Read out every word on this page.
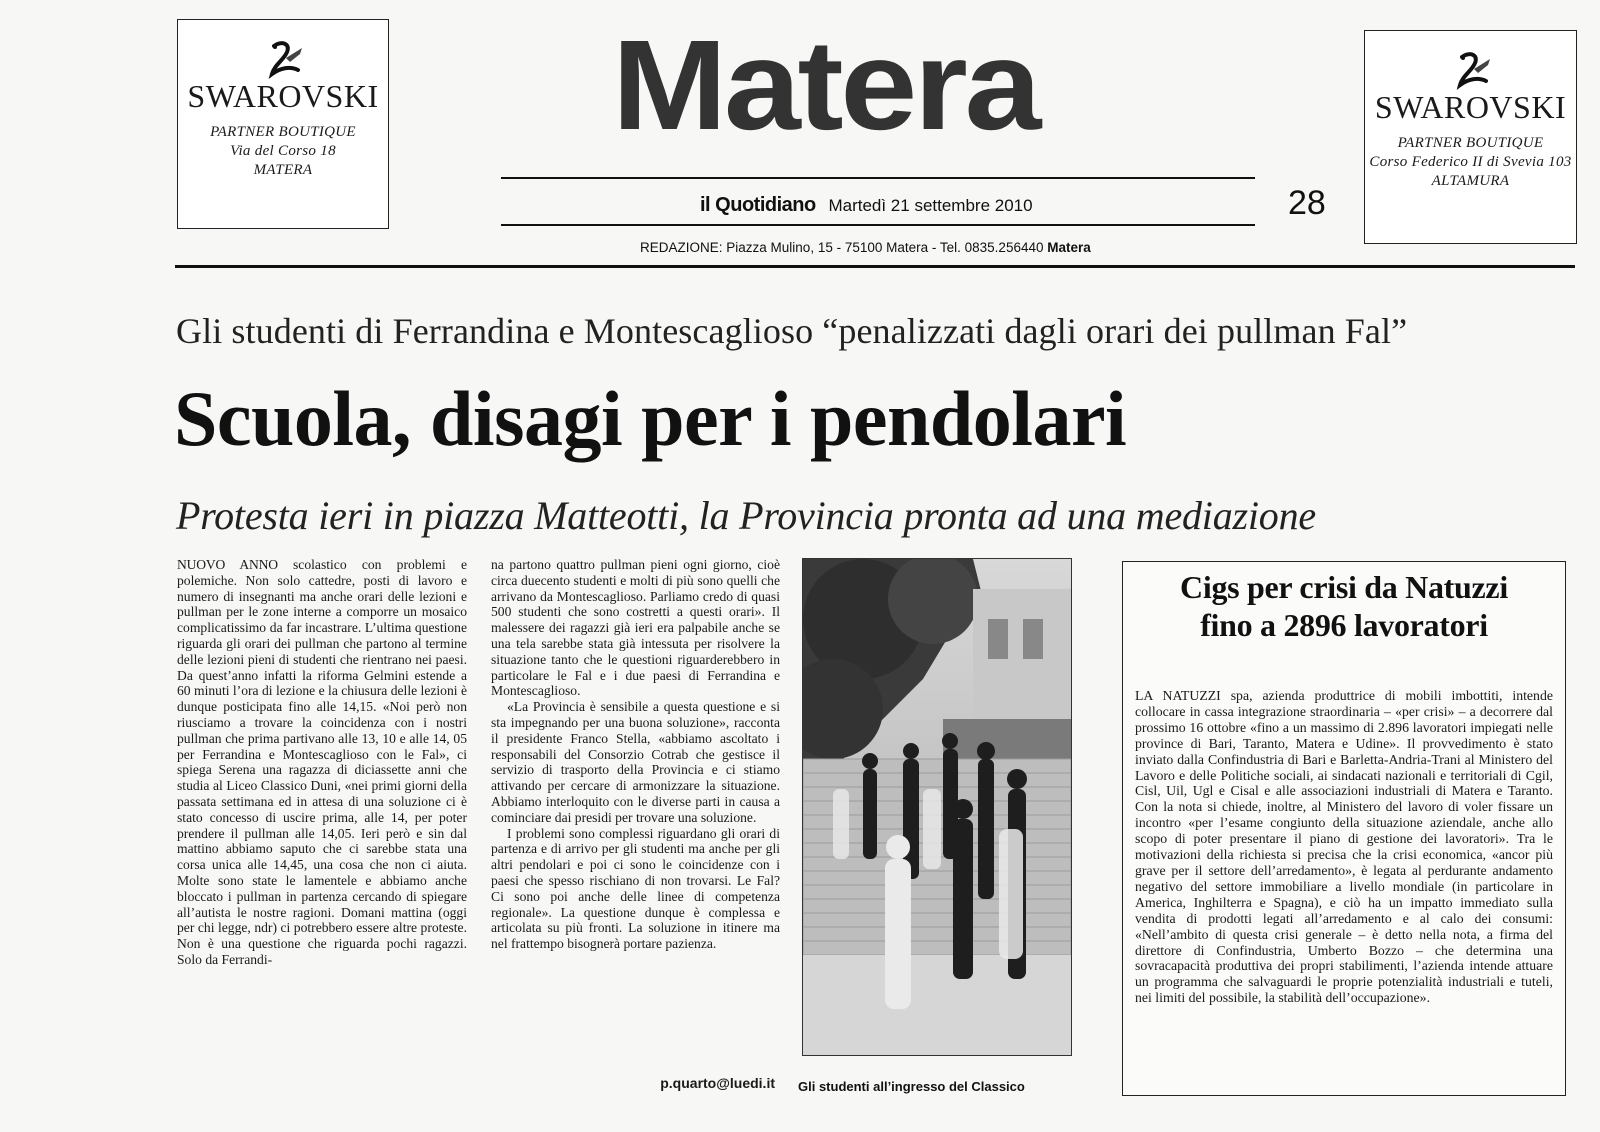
SWAROVSKI
PARTNER BOUTIQUE
Via del Corso 18
MATERA
SWAROVSKI
PARTNER BOUTIQUE
Corso Federico II di Svevia 103
ALTAMURA
Matera
il Quotidiano Martedì 21 settembre 2010	28
REDAZIONE: Piazza Mulino, 15 - 75100 Matera - Tel. 0835.256440 Matera
Gli studenti di Ferrandina e Montescaglioso “penalizzati dagli orari dei pullman Fal”
Scuola, disagi per i pendolari
Protesta ieri in piazza Matteotti, la Provincia pronta ad una mediazione

NUOVO ANNO scolastico con problemi e polemiche. Non solo cattedre, posti di lavoro e numero di insegnanti ma anche orari delle lezioni e pullman per le zone interne a comporre un mosaico complicatissimo da far incastrare. L’ultima questione riguarda gli orari dei pullman che partono al termine delle lezioni pieni di studenti che rientrano nei paesi. Da quest’anno infatti la riforma Gelmini estende a 60 minuti l’ora di lezione e la chiusura delle lezioni è dunque posticipata fino alle 14,15. «Noi però non riusciamo a trovare la coincidenza con i nostri pullman che prima partivano alle 13, 10 e alle 14, 05 per Ferrandina e Montescaglioso con le Fal», ci spiega Serena una ragazza di diciassette anni che studia al Liceo Classico Duni, «nei primi giorni della passata settimana ed in attesa di una soluzione ci è stato concesso di uscire prima, alle 14, per poter prendere il pullman alle 14,05. Ieri però e sin dal mattino abbiamo saputo che ci sarebbe stata una corsa unica alle 14,45, una cosa che non ci aiuta. Molte sono state le lamentele e abbiamo anche bloccato i pullman in partenza cercando di spiegare all’autista le nostre ragioni. Domani mattina (oggi per chi legge, ndr) ci potrebbero essere altre proteste. Non è una questione che riguarda pochi ragazzi. Solo da Ferrandi-

na partono quattro pullman pieni ogni giorno, cioè circa duecento studenti e molti di più sono quelli che arrivano da Montescaglioso. Parliamo credo di quasi 500 studenti che sono costretti a questi orari». Il malessere dei ragazzi già ieri era palpabile anche se una tela sarebbe stata già intessuta per risolvere la situazione tanto che le questioni riguarderebbero in particolare le Fal e i due paesi di Ferrandina e Montescaglioso.

«La Provincia è sensibile a questa questione e si sta impegnando per una buona soluzione», racconta il presidente Franco Stella, «abbiamo ascoltato i responsabili del Consorzio Cotrab che gestisce il servizio di trasporto della Provincia e ci stiamo attivando per cercare di armonizzare la situazione. Abbiamo interloquito con le diverse parti in causa a cominciare dai presidi per trovare una soluzione.

I problemi sono complessi riguardano gli orari di partenza e di arrivo per gli studenti ma anche per gli altri pendolari e poi ci sono le coincidenze con i paesi che spesso rischiano di non trovarsi. Le Fal? Ci sono poi anche delle linee di competenza regionale». La questione dunque è complessa e articolata su più fronti. La soluzione in itinere ma nel frattempo bisognerà portare pazienza.

p.quarto@luedi.it Gli studenti all’ingresso del Classico
Cigs per crisi da Natuzzi
fino a 2896 lavoratori

LA NATUZZI spa, azienda produttrice di mobili imbottiti, intende collocare in cassa integrazione straordinaria – «per crisi» – a decorrere dal prossimo 16 ottobre «fino a un massimo di 2.896 lavoratori impiegati nelle province di Bari, Taranto, Matera e Udine». Il provvedimento è stato inviato dalla Confindustria di Bari e Barletta-Andria-Trani al Ministero del Lavoro e delle Politiche sociali, ai sindacati nazionali e territoriali di Cgil, Cisl, Uil, Ugl e Cisal e alle associazioni industriali di Matera e Taranto. Con la nota si chiede, inoltre, al Ministero del lavoro di voler fissare un incontro «per l’esame congiunto della situazione aziendale, anche allo scopo di poter presentare il piano di gestione dei lavoratori». Tra le motivazioni della richiesta si precisa che la crisi economica, «ancor più grave per il settore dell’arredamento», è legata al perdurante andamento negativo del settore immobiliare a livello mondiale (in particolare in America, Inghilterra e Spagna), e ciò ha un impatto immediato sulla vendita di prodotti legati all’arredamento e al calo dei consumi: «Nell’ambito di questa crisi generale – è detto nella nota, a firma del direttore di Confindustria, Umberto Bozzo – che determina una sovracapacità produttiva dei propri stabilimenti, l’azienda intende attuare un programma che salvaguardi le proprie potenzialità industriali e tuteli, nei limiti del possibile, la stabilità dell’occupazione».
